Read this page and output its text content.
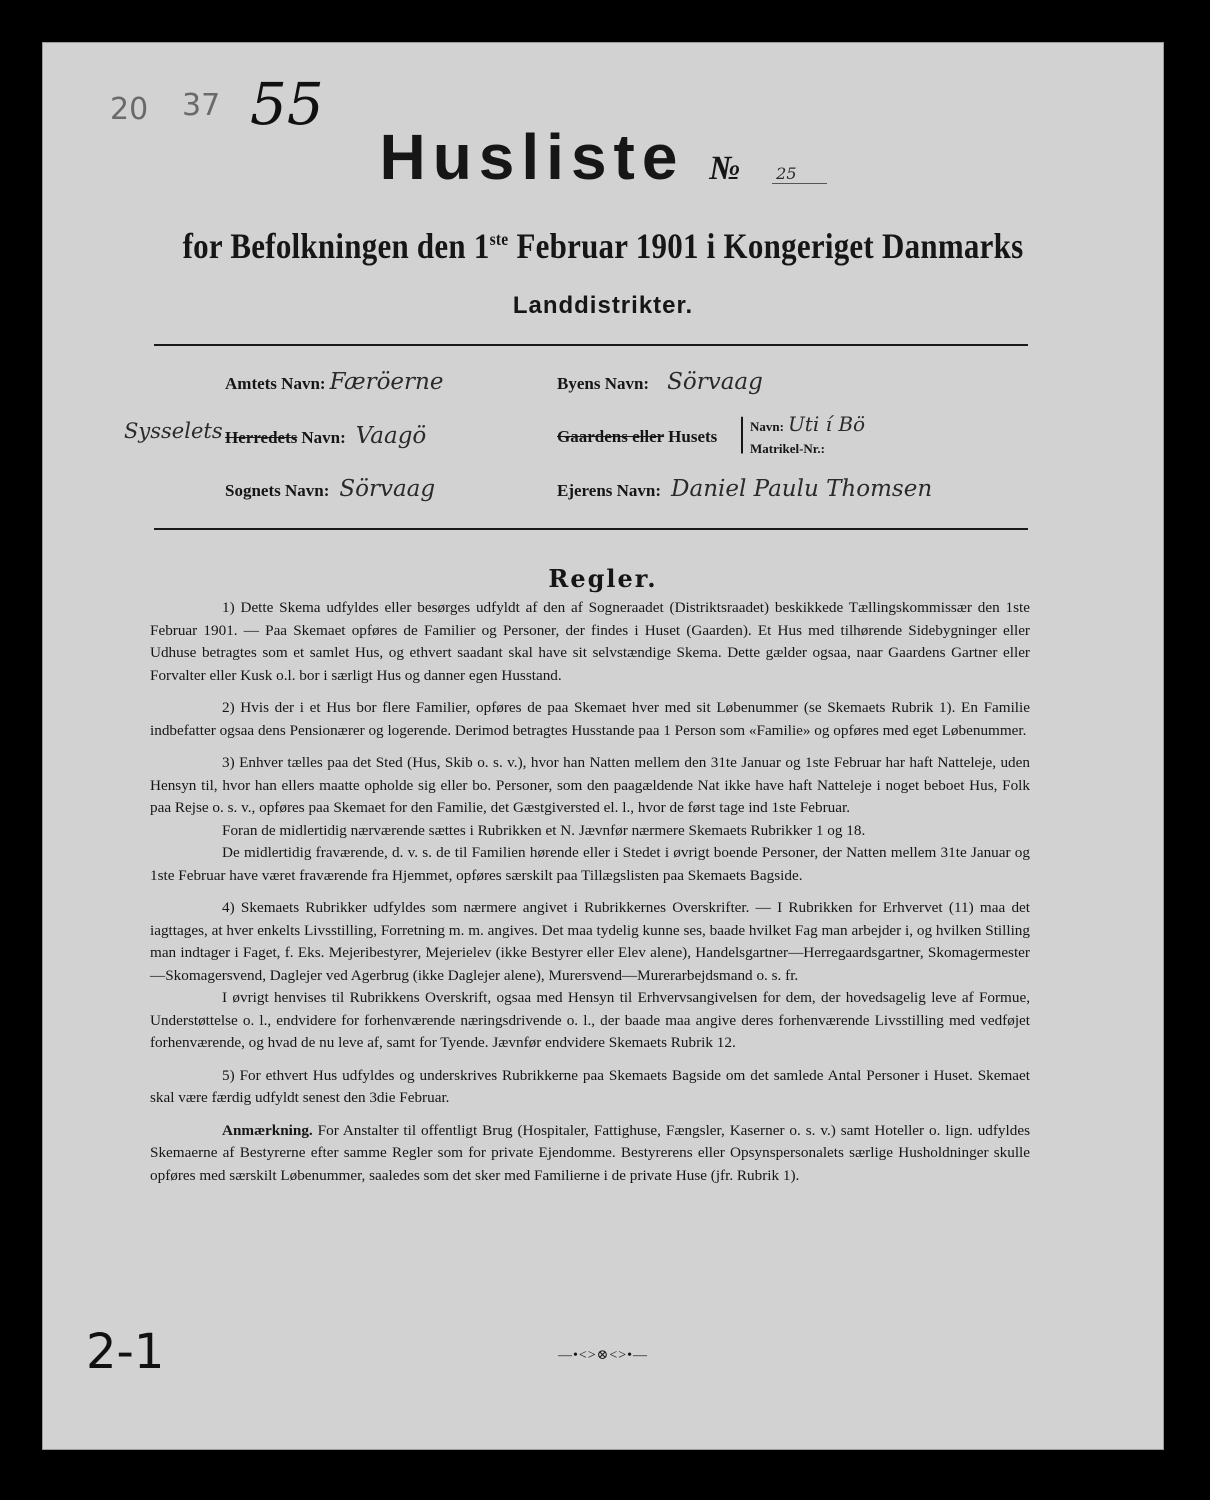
20 37 55
Husliste № 25
for Befolkningen den 1ste Februar 1901 i Kongeriget Danmarks
Landdistrikter.
Amtets Navn: Færöerne	Byens Navn: Sörvaag
Sysselets Herredets Navn: Vaagö	Gaardens eller Husets | Navn: Uti í Bö
Matrikel-Nr.:
Sognets Navn: Sörvaag	Ejerens Navn: Daniel Paulu Thomsen
Regler.

1) Dette Skema udfyldes eller besørges udfyldt af den af Sogneraadet (Distriktsraadet) beskikkede Tællingskommissær den 1ste Februar 1901. — Paa Skemaet opføres de Familier og Personer, der findes i Huset (Gaarden). Et Hus med tilhørende Sidebygninger eller Udhuse betragtes som et samlet Hus, og ethvert saadant skal have sit selvstændige Skema. Dette gælder ogsaa, naar Gaardens Gartner eller Forvalter eller Kusk o.l. bor i særligt Hus og danner egen Husstand.

2) Hvis der i et Hus bor flere Familier, opføres de paa Skemaet hver med sit Løbenummer (se Skemaets Rubrik 1). En Familie indbefatter ogsaa dens Pensionærer og logerende. Derimod betragtes Husstande paa 1 Person som «Familie» og opføres med eget Løbenummer.

3) Enhver tælles paa det Sted (Hus, Skib o. s. v.), hvor han Natten mellem den 31te Januar og 1ste Februar har haft Natteleje, uden Hensyn til, hvor han ellers maatte opholde sig eller bo. Personer, som den paagældende Nat ikke have haft Natteleje i noget beboet Hus, Folk paa Rejse o. s. v., opføres paa Skemaet for den Familie, det Gæstgiversted el. l., hvor de først tage ind 1ste Februar.

Foran de midlertidig nærværende sættes i Rubrikken et N. Jævnfør nærmere Skemaets Rubrikker 1 og 18.

De midlertidig fraværende, d. v. s. de til Familien hørende eller i Stedet i øvrigt boende Personer, der Natten mellem 31te Januar og 1ste Februar have været fraværende fra Hjemmet, opføres særskilt paa Tillægslisten paa Skemaets Bagside.

4) Skemaets Rubrikker udfyldes som nærmere angivet i Rubrikkernes Overskrifter. — I Rubrikken for Erhvervet (11) maa det iagttages, at hver enkelts Livsstilling, Forretning m. m. angives. Det maa tydelig kunne ses, baade hvilket Fag man arbejder i, og hvilken Stilling man indtager i Faget, f. Eks. Mejeribestyrer, Mejerielev (ikke Bestyrer eller Elev alene), Handelsgartner—Herregaardsgartner, Skomagermester—Skomagersvend, Daglejer ved Agerbrug (ikke Daglejer alene), Murersvend—Murerarbejdsmand o. s. fr.

I øvrigt henvises til Rubrikkens Overskrift, ogsaa med Hensyn til Erhvervsangivelsen for dem, der hovedsagelig leve af Formue, Understøttelse o. l., endvidere for forhenværende næringsdrivende o. l., der baade maa angive deres forhenværende Livsstilling med vedføjet forhenværende, og hvad de nu leve af, samt for Tyende. Jævnfør endvidere Skemaets Rubrik 12.

5) For ethvert Hus udfyldes og underskrives Rubrikkerne paa Skemaets Bagside om det samlede Antal Personer i Huset. Skemaet skal være færdig udfyldt senest den 3die Februar.

Anmærkning. For Anstalter til offentligt Brug (Hospitaler, Fattighuse, Fængsler, Kaserner o. s. v.) samt Hoteller o. lign. udfyldes Skemaerne af Bestyrerne efter samme Regler som for private Ejendomme. Bestyrerens eller Opsynspersonalets særlige Husholdninger skulle opføres med særskilt Løbenummer, saaledes som det sker med Familierne i de private Huse (jfr. Rubrik 1).

2-1	—•<>⊗<>•—
